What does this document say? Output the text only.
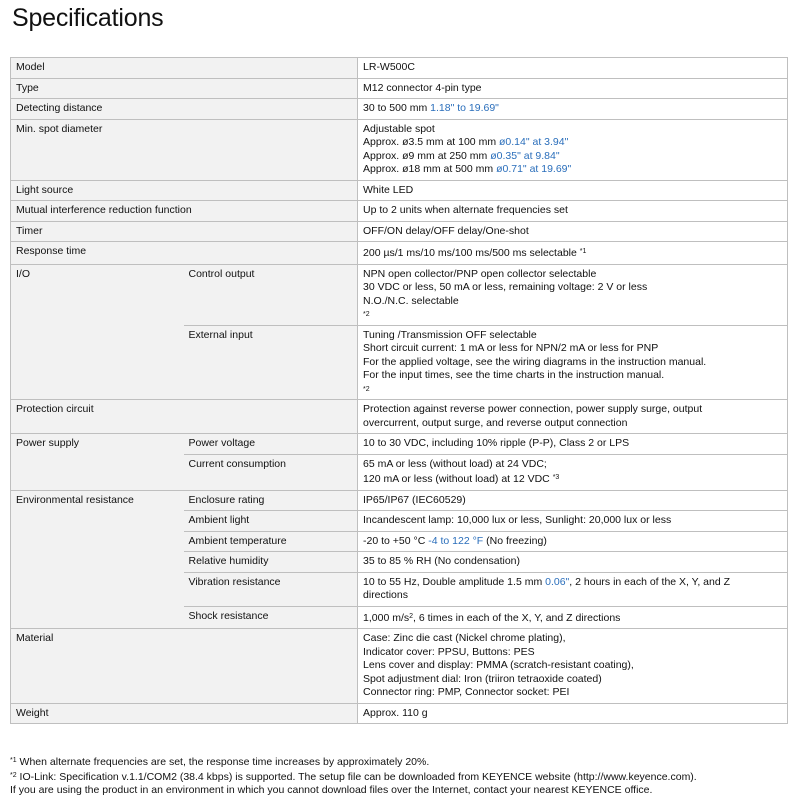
Specifications
Model		LR-W500C
Type		M12 connector 4-pin type
Detecting distance		30 to 500 mm 1.18" to 19.69"
Min. spot diameter		Adjustable spot
Approx. ø3.5 mm at 100 mm ø0.14" at 3.94"
Approx. ø9 mm at 250 mm ø0.35" at 9.84"
Approx. ø18 mm at 500 mm ø0.71" at 19.69"

Light source		White LED
Mutual interference reduction function		Up to 2 units when alternate frequencies set
Timer		OFF/ON delay/OFF delay/One-shot
Response time		200 µs/1 ms/10 ms/100 ms/500 ms selectable $^{*1}$
I/O	Control output	NPN open collector/PNP open collector selectable
30 VDC or less, 50 mA or less, remaining voltage: 2 V or less
N.O./N.C. selectable
*2

	External input	Tuning /Transmission OFF selectable
Short circuit current: 1 mA or less for NPN/2 mA or less for PNP
For the applied voltage, see the wiring diagrams in the instruction manual.
For the input times, see the time charts in the instruction manual.
*2

Protection circuit		Protection against reverse power connection, power supply surge, output
overcurrent, output surge, and reverse output connection

Power supply	Power voltage	10 to 30 VDC, including 10% ripple (P-P), Class 2 or LPS
	Current consumption	65 mA or less (without load) at 24 VDC;
120 mA or less (without load) at 12 VDC $^{*3}$

Environmental resistance	Enclosure rating	IP65/IP67 (IEC60529)
	Ambient light	Incandescent lamp: 10,000 lux or less, Sunlight: 20,000 lux or less
	Ambient temperature	-20 to +50 °C -4 to 122 °F (No freezing)
	Relative humidity	35 to 85 % RH (No condensation)
	Vibration resistance	10 to 55 Hz, Double amplitude 1.5 mm 0.06", 2 hours in each of the X, Y, and Z
directions

	Shock resistance	1,000 $m/s^2$, 6 times in each of the X, Y, and Z directions
Material		Case: Zinc die cast (Nickel chrome plating),
Indicator cover: PPSU, Buttons: PES
Lens cover and display: PMMA (scratch-resistant coating),
Spot adjustment dial: Iron (triiron tetraoxide coated)
Connector ring: PMP, Connector socket: PEI

Weight		Approx. 110 g
$^{*1}$ When alternate frequencies are set, the response time increases by approximately 20%.
$^{*2}$ IO-Link: Specification v.1.1/COM2 (38.4 kbps) is supported. The setup file can be downloaded from KEYENCE website (http://www.keyence.com).
If you are using the product in an environment in which you cannot download files over the Internet, contact your nearest KEYENCE office.
